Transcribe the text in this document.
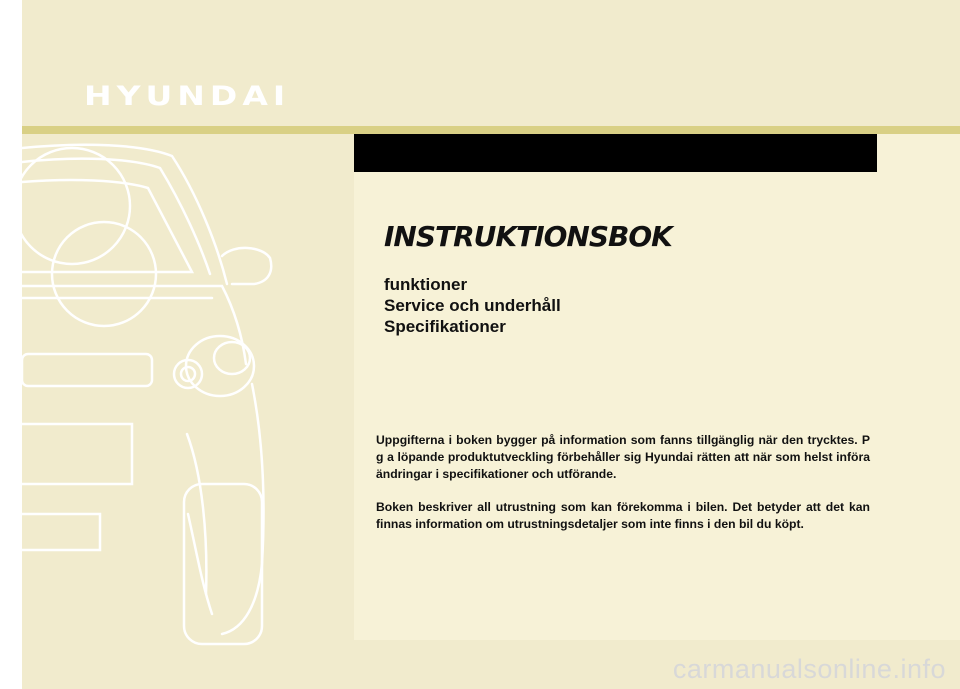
HYUNDAI
INSTRUKTIONSBOK
funktioner
Service och underhåll
Specifikationer

Uppgifterna i boken bygger på information som fanns tillgänglig när den trycktes. P g a löpande produktutveckling förbehåller sig Hyundai rätten att när som helst införa ändringar i specifikationer och utförande.

Boken beskriver all utrustning som kan förekomma i bilen. Det betyder att det kan finnas information om utrustningsdetaljer som inte finns i den bil du köpt.

carmanualsonline.info
